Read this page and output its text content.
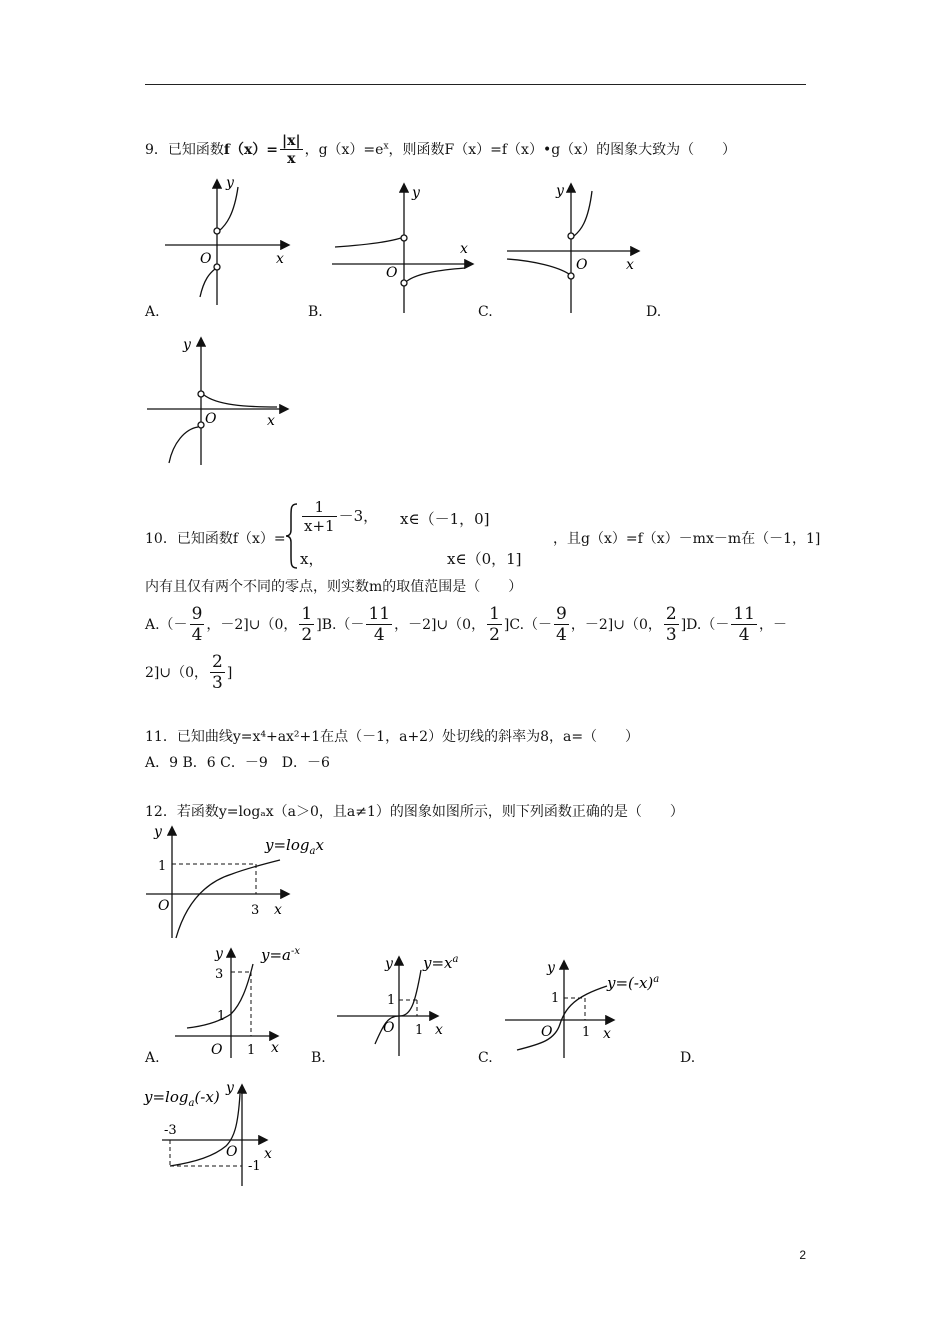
9．已知函数$f(x)= \frac{|x|}{x}$ ，$g(x)=e^x$，则函数F（x）=f（x）•g（x）的图象大致为（　　）
y
x
O
y
x
O
y
x
O
A.	B.	C.	D.
y
x
O
10．已知函数f（x）=
$\frac{1}{x+1} -3$， x∈（－1，0]
x，	x∈（0，1]
，且g（x）=f（x）－mx－m在（－1，1]
内有且仅有两个不同的零点，则实数m的取值范围是（　　）
$A.(- \frac{9}{4}$ ，－2]∪（0， $\frac{1}{2} ]B.(- \frac{11}{4}$ ，－2]∪（0， $\frac{1}{2} ]C.(- \frac{9}{4}$ ，－2]∪（0， $\frac{2}{3} ]D.(- \frac{11}{4}$ ，－
2]∪（0， $\frac{2}{3}$ ]
11．已知曲线y=x⁴+ax²+1在点（－1，a+2）处切线的斜率为8，a=（　　）
A．9 B．6 C．－9　D．－6
12．若函数y=logₐx（a＞0，且a≠1）的图象如图所示，则下列函数正确的是（　　）
y
1
O	3 x
$y=\log_ax$
y
3
1
O 1 x
$y=a^{-x}$
y
1
O 1 x
$y=x^a$
y
1
O 1 x
$y=(-x)^a$
A.	B.	C.	D.
$y=\log_a(-x)$ y
-3
O x
-1
2
